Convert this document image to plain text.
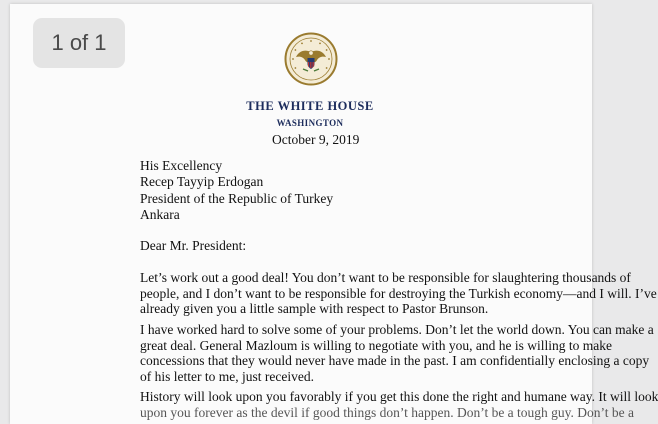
THE WHITE HOUSE
WASHINGTON
October 9, 2019
His Excellency
Recep Tayyip Erdogan
President of the Republic of Turkey
Ankara
Dear Mr. President:
Let’s work out a good deal! You don’t want to be responsible for slaughtering thousands of
people, and I don’t want to be responsible for destroying the Turkish economy—and I will. I’ve
already given you a little sample with respect to Pastor Brunson.
I have worked hard to solve some of your problems. Don’t let the world down. You can make a
great deal. General Mazloum is willing to negotiate with you, and he is willing to make
concessions that they would never have made in the past. I am confidentially enclosing a copy
of his letter to me, just received.
History will look upon you favorably if you get this done the right and humane way. It will look
upon you forever as the devil if good things don’t happen. Don’t be a tough guy. Don’t be a
1 of 1
